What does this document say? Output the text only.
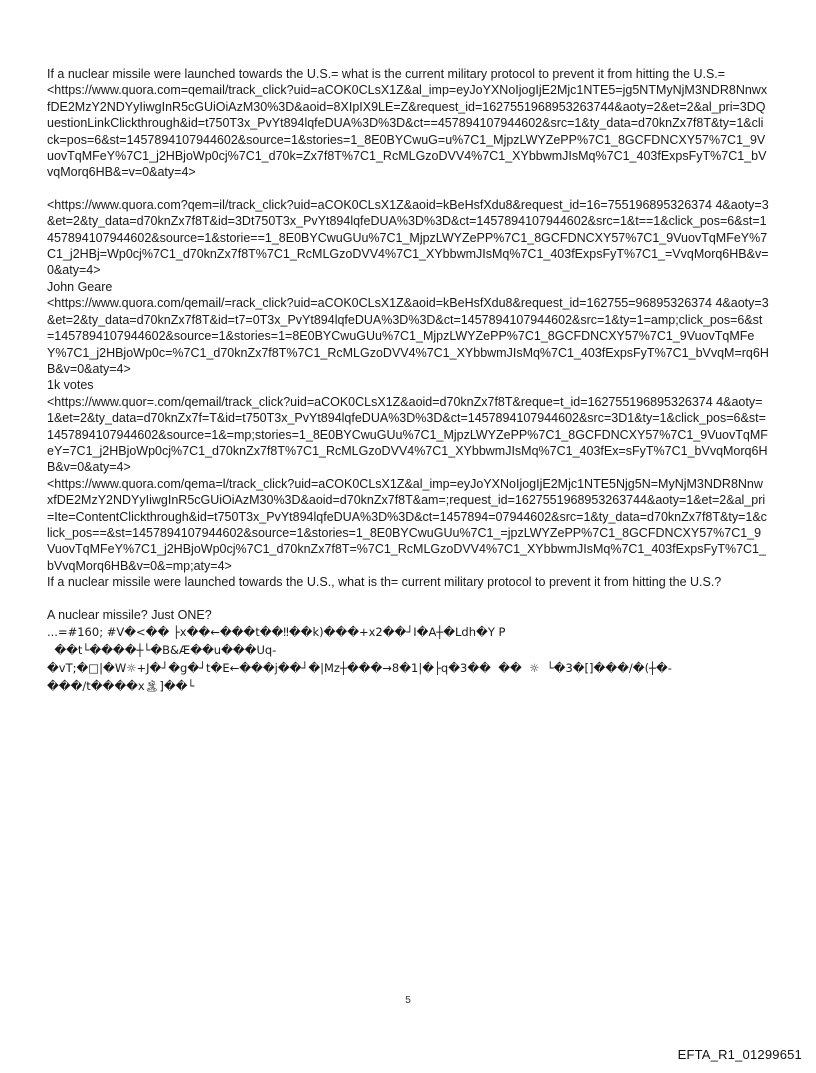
If a nuclear missile were launched towards the U.S.= what is the current military protocol to prevent it from hitting the U.S.=

<https://www.quora.com=qemail/track_click?uid=aCOK0CLsX1Z&al_imp=eyJoYXNoIjogIjE2Mjc1NTE5=jg5NTMyNjM3NDR8NnwxfDE2MzY2NDYyIiwgInR5cGUiOiAzM30%3D&aoid=8XIpIX9LE=Z&request_id=1627551968953263744&aoty=2&et=2&al_pri=3DQuestionLinkClickthrough&id=t750T3x_PvYt894lqfeDUA%3D%3D&ct==457894107944602&src=1&ty_data=d70knZx7f8T&ty=1&click=pos=6&st=1457894107944602&source=1&stories=1_8E0BYCwuG=u%7C1_MjpzLWYZePP%7C1_8GCFDNCXY57%7C1_9VuovTqMFeY%7C1_j2HBjoWp0cj%7C1_d70k=Zx7f8T%7C1_RcMLGzoDVV4%7C1_XYbbwmJIsMq%7C1_403fExpsFyT%7C1_bVvqMorq6HB&=v=0&aty=4>

<https://www.quora.com?qem=il/track_click?uid=aCOK0CLsX1Z&aoid=kBeHsfXdu8&request_id=16=755196895326374 4&aoty=3&et=2&ty_data=d70knZx7f8T&id=3Dt750T3x_PvYt894lqfeDUA%3D%3D&ct=1457894107944602&src=1&t==1&click_pos=6&st=1457894107944602&source=1&storie==1_8E0BYCwuGUu%7C1_MjpzLWYZePP%7C1_8GCFDNCXY57%7C1_9VuovTqMFeY%7C1_j2HBj=Wp0cj%7C1_d70knZx7f8T%7C1_RcMLGzoDVV4%7C1_XYbbwmJIsMq%7C1_403fExpsFyT%7C1_=VvqMorq6HB&v=0&aty=4>

John Geare

<https://www.quora.com/qemail/=rack_click?uid=aCOK0CLsX1Z&aoid=kBeHsfXdu8&request_id=162755=96895326374 4&aoty=3&et=2&ty_data=d70knZx7f8T&id=t7=0T3x_PvYt894lqfeDUA%3D%3D&ct=1457894107944602&src=1&ty=1=amp;click_pos=6&st=1457894107944602&source=1&stories=1=8E0BYCwuGUu%7C1_MjpzLWYZePP%7C1_8GCFDNCXY57%7C1_9VuovTqMFeY%7C1_j2HBjoWp0c=%7C1_d70knZx7f8T%7C1_RcMLGzoDVV4%7C1_XYbbwmJIsMq%7C1_403fExpsFyT%7C1_bVvqM=rq6HB&v=0&aty=4>

1k votes

<https://www.quor=.com/qemail/track_click?uid=aCOK0CLsX1Z&aoid=d70knZx7f8T&reque=t_id=162755196895326374 4&aoty=1&et=2&ty_data=d70knZx7f=T&id=t750T3x_PvYt894lqfeDUA%3D%3D&ct=1457894107944602&src=3D1&ty=1&click_pos=6&st=1457894107944602&source=1&=mp;stories=1_8E0BYCwuGUu%7C1_MjpzLWYZePP%7C1_8GCFDNCXY57%7C1_9VuovTqMFeY=7C1_j2HBjoWp0cj%7C1_d70knZx7f8T%7C1_RcMLGzoDVV4%7C1_XYbbwmJIsMq%7C1_403fEx=sFyT%7C1_bVvqMorq6HB&v=0&aty=4>

<https://www.quora.com/qema=l/track_click?uid=aCOK0CLsX1Z&al_imp=eyJoYXNoIjogIjE2Mjc1NTE5Njg5N=MyNjM3NDR8NnwxfDE2MzY2NDYyIiwgInR5cGUiOiAzM30%3D&aoid=d70knZx7f8T&am=;request_id=1627551968953263744&aoty=1&et=2&al_pri=Ite=ContentClickthrough&id=t750T3x_PvYt894lqfeDUA%3D%3D&ct=1457894=07944602&src=1&ty_data=d70knZx7f8T&ty=1&click_pos==&st=1457894107944602&source=1&stories=1_8E0BYCwuGUu%7C1_=jpzLWYZePP%7C1_8GCFDNCXY57%7C1_9VuovTqMFeY%7C1_j2HBjoWp0cj%7C1_d70knZx7f8T=%7C1_RcMLGzoDVV4%7C1_XYbbwmJIsMq%7C1_403fExpsFyT%7C1_bVvqMorq6HB&v=0&=mp;aty=4>

If a nuclear missile were launched towards the U.S., what is th= current military protocol to prevent it from hitting the U.S.?

A nuclear missile? Just ONE?

...=#160; #V�<�� ├x��←���t��‼��k)���+x2��┘I�A┼�Ldh�Y P
��t└����┼└�B&Æ��u���Uq-
�vT;�□|�W☼+J�┘�g�┘t�E←���j��┘�|Mz┼���→8�1|�├q�3��  ��  ☼  └�3�[]���/�(┼�-
���/t����x🏝]��└

5
EFTA_R1_01299651
